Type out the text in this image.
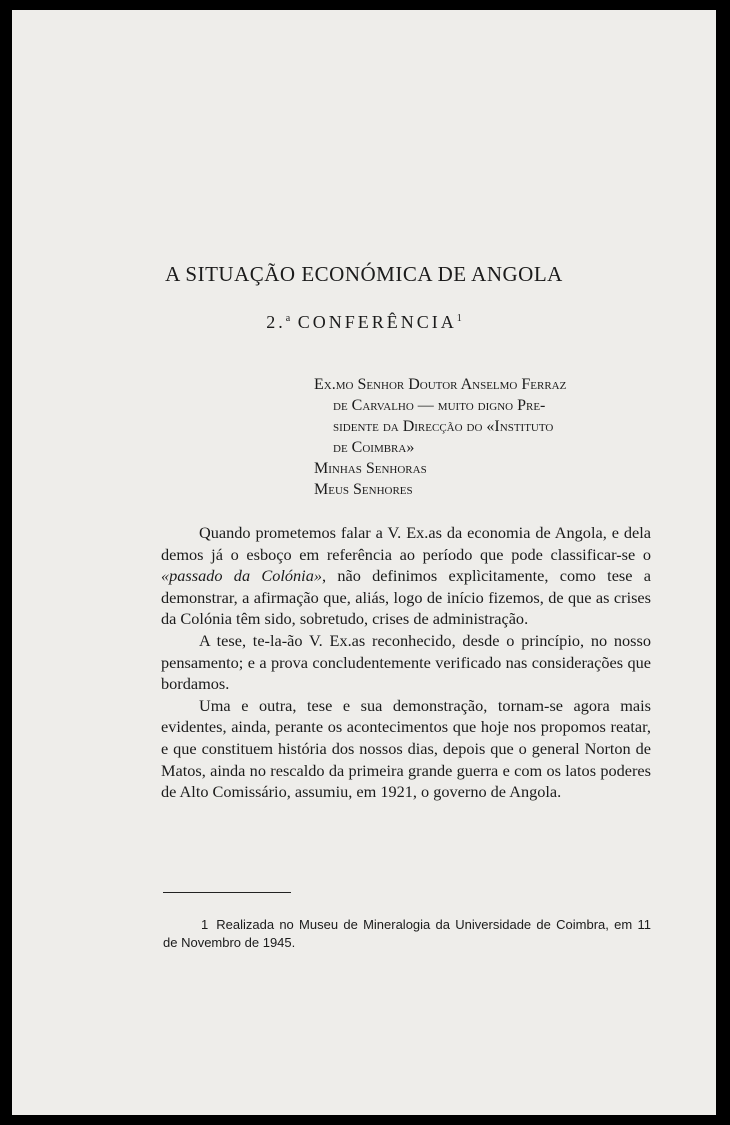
A SITUAÇÃO ECONÓMICA DE ANGOLA
2.$^a$ CONFERÊNCIA$^1$
Ex.mo Senhor Doutor Anselmo Ferraz
de Carvalho — muito digno Pre-
sidente da Direcção do «Instituto
de Coimbra»
Minhas Senhoras
Meus Senhores

Quando prometemos falar a V. Ex.as da economia de Angola, e dela demos já o esboço em referência ao período que pode classificar-se o «passado da Colónia», não definimos explìcitamente, como tese a demonstrar, a afirmação que, aliás, logo de início fizemos, de que as crises da Colónia têm sido, sobretudo, crises de administração.

A tese, te-la-ão V. Ex.as reconhecido, desde o princípio, no nosso pensamento; e a prova concludentemente verificado nas considerações que bordamos.

Uma e outra, tese e sua demonstração, tornam-se agora mais evidentes, ainda, perante os acontecimentos que hoje nos propomos reatar, e que constituem história dos nossos dias, depois que o general Norton de Matos, ainda no rescaldo da primeira grande guerra e com os latos poderes de Alto Comissário, assumiu, em 1921, o governo de Angola.

1 Realizada no Museu de Mineralogia da Universidade de Coimbra, em 11 de Novembro de 1945.
